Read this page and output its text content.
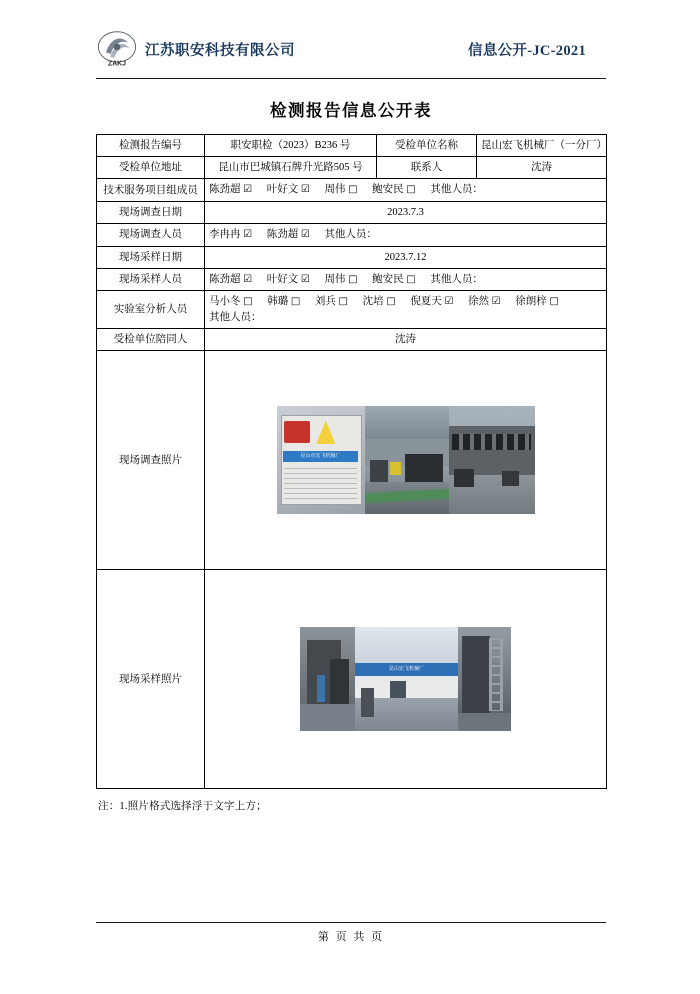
ZAKJ
江苏职安科技有限公司	信息公开-JC-2021
检测报告信息公开表
检测报告编号	职安职检（2023）B236 号	受检单位名称	昆山宏飞机械厂（一分厂）
受检单位地址	昆山市巴城镇石牌升光路505 号	联系人	沈涛
技术服务项目组成员	陈劲超 ☑ 叶好文 ☑ 周伟 □ 鲍安民 □ 其他人员：		
现场调查日期	2023.7.3		
现场调查人员	李冉冉 ☑ 陈劲超 ☑ 其他人员：		
现场采样日期	2023.7.12		
现场采样人员	陈劲超 ☑ 叶好文 ☑ 周伟 □ 鲍安民 □ 其他人员：		
实验室分析人员	马小冬 □ 韩璐 □ 刘兵 □ 沈培 □ 倪夏天 ☑ 徐然 ☑ 徐朗梓 □
其他人员：		

受检单位陪同人	沈涛		
现场调查照片	昆山市宏飞机械厂		

现场采样照片	昆山宏飞机械厂		
注：1.照片格式选择浮于文字上方；
第 页 共 页
